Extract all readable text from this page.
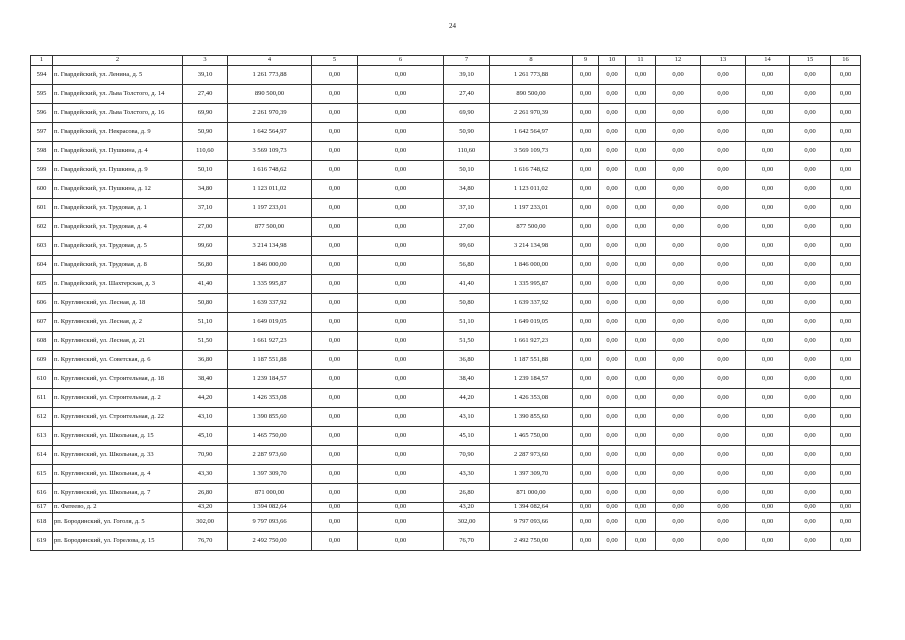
24
1	2	3	4	5	6	7	8	9	10	11	12	13	14	15	16
594	п. Гвардейский, ул. Ленина, д. 5	39,10	1 261 773,88	0,00	0,00	39,10	1 261 773,88	0,00	0,00	0,00	0,00	0,00	0,00	0,00	0,00
595	п. Гвардейский, ул. Льва Толстого, д. 14	27,40	890 500,00	0,00	0,00	27,40	890 500,00	0,00	0,00	0,00	0,00	0,00	0,00	0,00	0,00
596	п. Гвардейский, ул. Льва Толстого, д. 16	69,90	2 261 970,39	0,00	0,00	69,90	2 261 970,39	0,00	0,00	0,00	0,00	0,00	0,00	0,00	0,00
597	п. Гвардейский, ул. Некрасова, д. 9	50,90	1 642 564,97	0,00	0,00	50,90	1 642 564,97	0,00	0,00	0,00	0,00	0,00	0,00	0,00	0,00
598	п. Гвардейский, ул. Пушкина, д. 4	110,60	3 569 109,73	0,00	0,00	110,60	3 569 109,73	0,00	0,00	0,00	0,00	0,00	0,00	0,00	0,00
599	п. Гвардейский, ул. Пушкина, д. 9	50,10	1 616 748,62	0,00	0,00	50,10	1 616 748,62	0,00	0,00	0,00	0,00	0,00	0,00	0,00	0,00
600	п. Гвардейский, ул. Пушкина, д. 12	34,80	1 123 011,02	0,00	0,00	34,80	1 123 011,02	0,00	0,00	0,00	0,00	0,00	0,00	0,00	0,00
601	п. Гвардейский, ул. Трудовая, д. 1	37,10	1 197 233,01	0,00	0,00	37,10	1 197 233,01	0,00	0,00	0,00	0,00	0,00	0,00	0,00	0,00
602	п. Гвардейский, ул. Трудовая, д. 4	27,00	877 500,00	0,00	0,00	27,00	877 500,00	0,00	0,00	0,00	0,00	0,00	0,00	0,00	0,00
603	п. Гвардейский, ул. Трудовая, д. 5	99,60	3 214 134,98	0,00	0,00	99,60	3 214 134,98	0,00	0,00	0,00	0,00	0,00	0,00	0,00	0,00
604	п. Гвардейский, ул. Трудовая, д. 8	56,80	1 846 000,00	0,00	0,00	56,80	1 846 000,00	0,00	0,00	0,00	0,00	0,00	0,00	0,00	0,00
605	п. Гвардейский, ул. Шахтерская, д. 3	41,40	1 335 995,87	0,00	0,00	41,40	1 335 995,87	0,00	0,00	0,00	0,00	0,00	0,00	0,00	0,00
606	п. Круглянский, ул. Лесная, д. 18	50,80	1 639 337,92	0,00	0,00	50,80	1 639 337,92	0,00	0,00	0,00	0,00	0,00	0,00	0,00	0,00
607	п. Круглянский, ул. Лесная, д. 2	51,10	1 649 019,05	0,00	0,00	51,10	1 649 019,05	0,00	0,00	0,00	0,00	0,00	0,00	0,00	0,00
608	п. Круглянский, ул. Лесная, д. 21	51,50	1 661 927,23	0,00	0,00	51,50	1 661 927,23	0,00	0,00	0,00	0,00	0,00	0,00	0,00	0,00
609	п. Круглянский, ул. Советская, д. 6	36,80	1 187 551,88	0,00	0,00	36,80	1 187 551,88	0,00	0,00	0,00	0,00	0,00	0,00	0,00	0,00
610	п. Круглянский, ул. Строительная, д. 18	38,40	1 239 184,57	0,00	0,00	38,40	1 239 184,57	0,00	0,00	0,00	0,00	0,00	0,00	0,00	0,00
611	п. Круглянский, ул. Строительная, д. 2	44,20	1 426 353,08	0,00	0,00	44,20	1 426 353,08	0,00	0,00	0,00	0,00	0,00	0,00	0,00	0,00
612	п. Круглянский, ул. Строительная, д. 22	43,10	1 390 855,60	0,00	0,00	43,10	1 390 855,60	0,00	0,00	0,00	0,00	0,00	0,00	0,00	0,00
613	п. Круглянский, ул. Школьная, д. 15	45,10	1 465 750,00	0,00	0,00	45,10	1 465 750,00	0,00	0,00	0,00	0,00	0,00	0,00	0,00	0,00
614	п. Круглянский, ул. Школьная, д. 33	70,90	2 287 973,60	0,00	0,00	70,90	2 287 973,60	0,00	0,00	0,00	0,00	0,00	0,00	0,00	0,00
615	п. Круглянский, ул. Школьная, д. 4	43,30	1 397 309,70	0,00	0,00	43,30	1 397 309,70	0,00	0,00	0,00	0,00	0,00	0,00	0,00	0,00
616	п. Круглянский, ул. Школьная, д. 7	26,80	871 000,00	0,00	0,00	26,80	871 000,00	0,00	0,00	0,00	0,00	0,00	0,00	0,00	0,00
617	п. Фатеево, д. 2	43,20	1 394 082,64	0,00	0,00	43,20	1 394 082,64	0,00	0,00	0,00	0,00	0,00	0,00	0,00	0,00
618	рп. Бородинский, ул. Гоголя, д. 5	302,00	9 797 093,66	0,00	0,00	302,00	9 797 093,66	0,00	0,00	0,00	0,00	0,00	0,00	0,00	0,00
619	рп. Бородинский, ул. Горелова, д. 15	76,70	2 492 750,00	0,00	0,00	76,70	2 492 750,00	0,00	0,00	0,00	0,00	0,00	0,00	0,00	0,00
